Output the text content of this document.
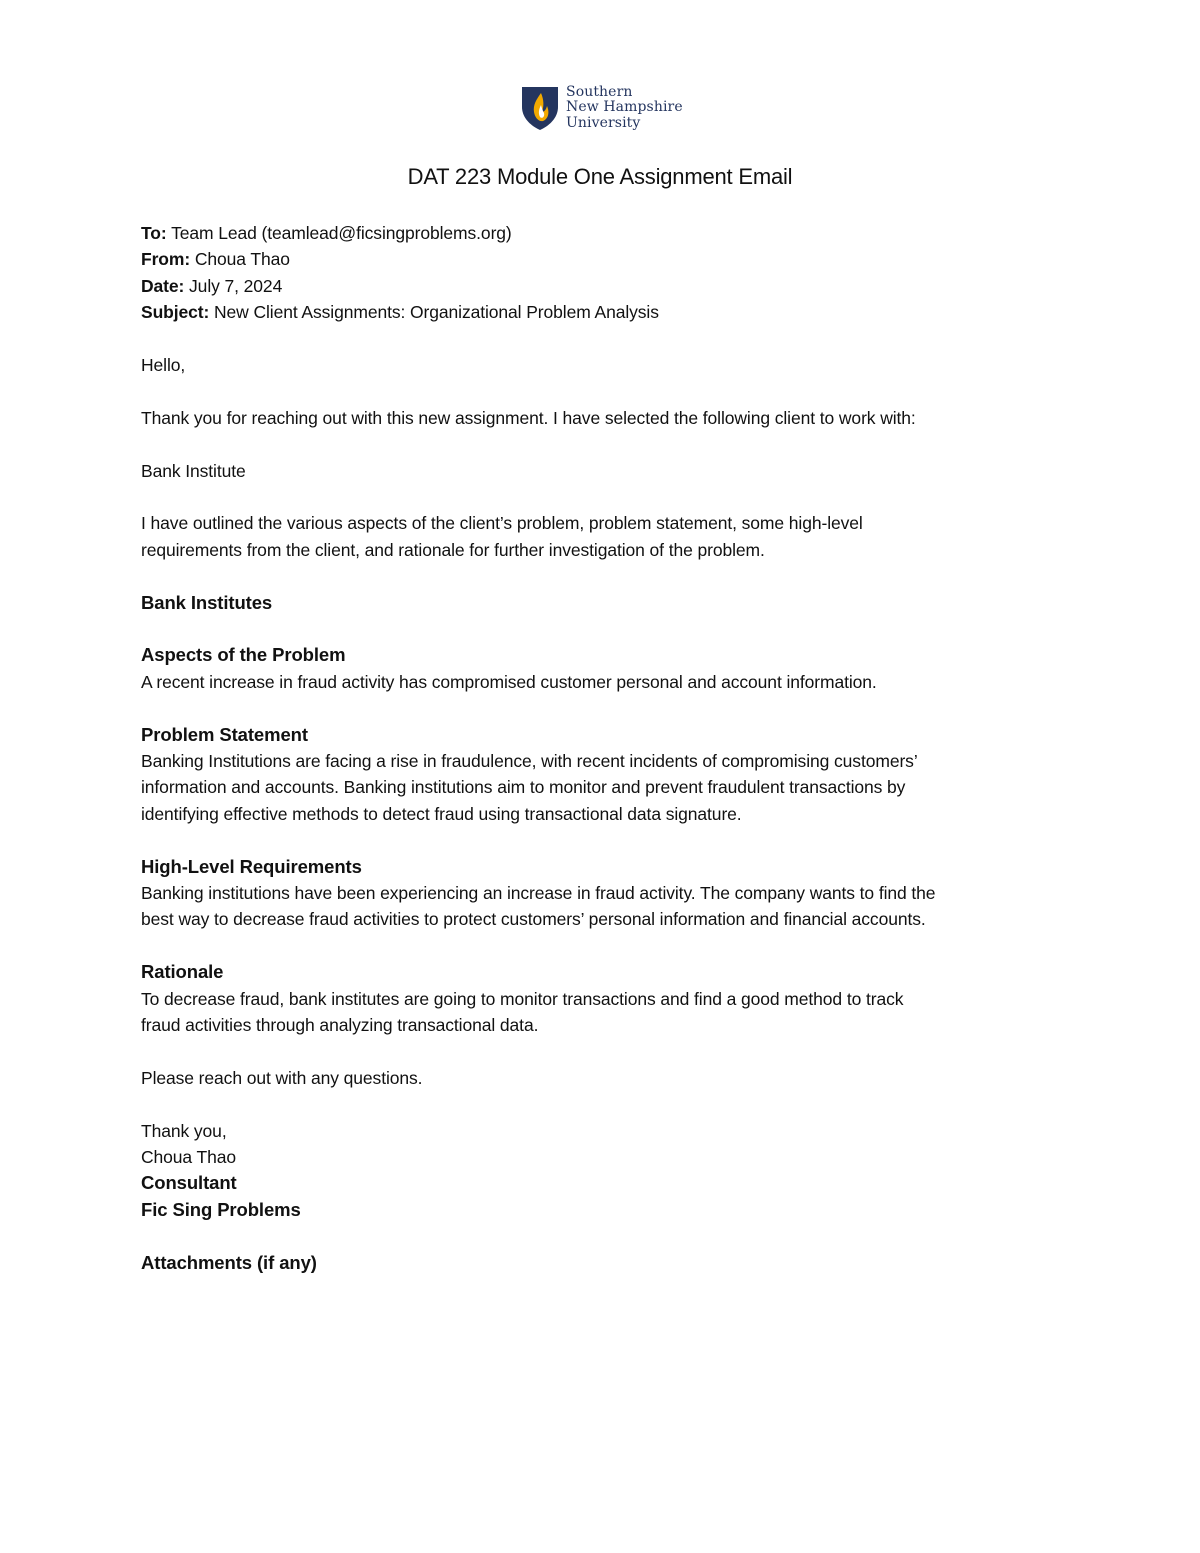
Southern
New Hampshire
University
DAT 223 Module One Assignment Email
To: Team Lead (teamlead@ficsingproblems.org)
From: Choua Thao
Date: July 7, 2024
Subject: New Client Assignments: Organizational Problem Analysis
Hello,
Thank you for reaching out with this new assignment. I have selected the following client to work with:
Bank Institute
I have outlined the various aspects of the client’s problem, problem statement, some high-level
requirements from the client, and rationale for further investigation of the problem.
Bank Institutes
Aspects of the Problem
A recent increase in fraud activity has compromised customer personal and account information.
Problem Statement
Banking Institutions are facing a rise in fraudulence, with recent incidents of compromising customers’
information and accounts. Banking institutions aim to monitor and prevent fraudulent transactions by
identifying effective methods to detect fraud using transactional data signature.
High-Level Requirements
Banking institutions have been experiencing an increase in fraud activity. The company wants to find the
best way to decrease fraud activities to protect customers’ personal information and financial accounts.
Rationale
To decrease fraud, bank institutes are going to monitor transactions and find a good method to track
fraud activities through analyzing transactional data.
Please reach out with any questions.
Thank you,
Choua Thao
Consultant
Fic Sing Problems
Attachments (if any)
